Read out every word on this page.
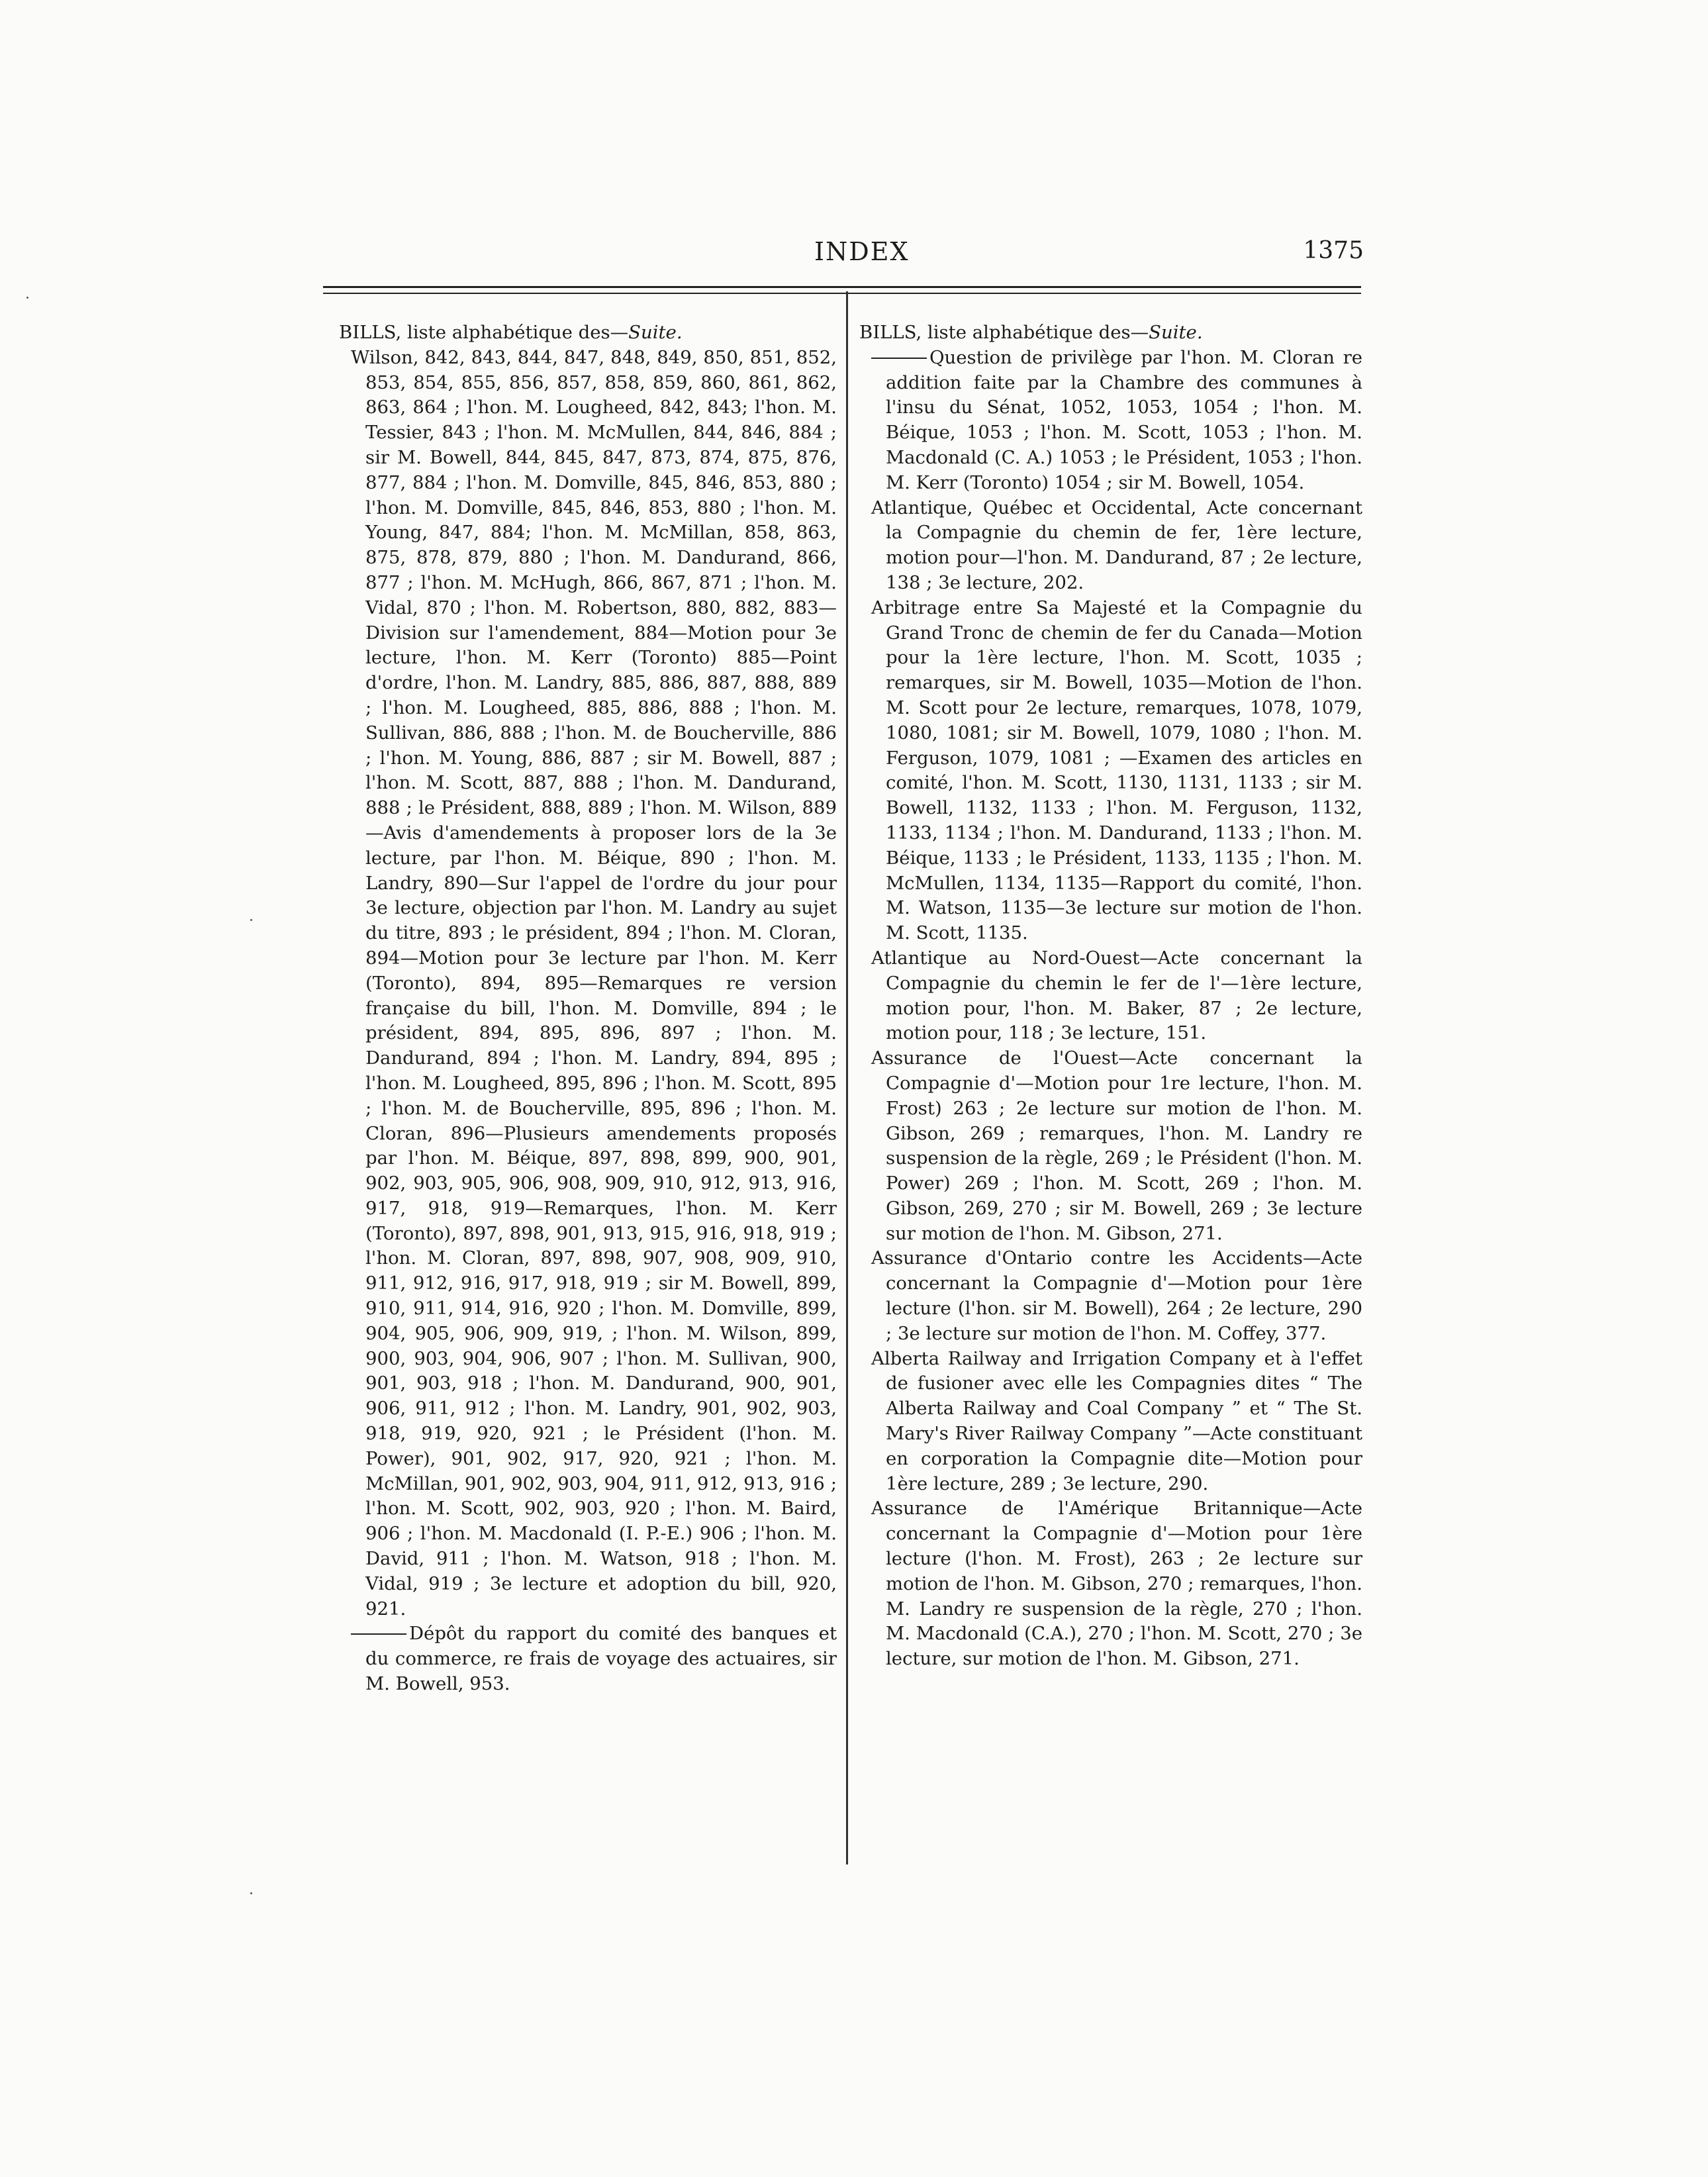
INDEX	1375

BILLS, liste alphabétique des—Suite.

Wilson, 842, 843, 844, 847, 848, 849, 850, 851, 852, 853, 854, 855, 856, 857, 858, 859, 860, 861, 862, 863, 864 ; l'hon. M. Lougheed, 842, 843; l'hon. M. Tessier, 843 ; l'hon. M. McMullen, 844, 846, 884 ; sir M. Bowell, 844, 845, 847, 873, 874, 875, 876, 877, 884 ; l'hon. M. Domville, 845, 846, 853, 880 ; l'hon. M. Domville, 845, 846, 853, 880 ; l'hon. M. Young, 847, 884; l'hon. M. McMillan, 858, 863, 875, 878, 879, 880 ; l'hon. M. Dandurand, 866, 877 ; l'hon. M. McHugh, 866, 867, 871 ; l'hon. M. Vidal, 870 ; l'hon. M. Robertson, 880, 882, 883—Division sur l'amendement, 884—Motion pour 3e lecture, l'hon. M. Kerr (Toronto) 885—Point d'ordre, l'hon. M. Landry, 885, 886, 887, 888, 889 ; l'hon. M. Lougheed, 885, 886, 888 ; l'hon. M. Sullivan, 886, 888 ; l'hon. M. de Boucherville, 886 ; l'hon. M. Young, 886, 887 ; sir M. Bowell, 887 ; l'hon. M. Scott, 887, 888 ; l'hon. M. Dandurand, 888 ; le Président, 888, 889 ; l'hon. M. Wilson, 889—Avis d'amendements à proposer lors de la 3e lecture, par l'hon. M. Béique, 890 ; l'hon. M. Landry, 890—Sur l'appel de l'ordre du jour pour 3e lecture, objection par l'hon. M. Landry au sujet du titre, 893 ; le président, 894 ; l'hon. M. Cloran, 894—Motion pour 3e lecture par l'hon. M. Kerr (Toronto), 894, 895—Remarques re version française du bill, l'hon. M. Domville, 894 ; le président, 894, 895, 896, 897 ; l'hon. M. Dandurand, 894 ; l'hon. M. Landry, 894, 895 ; l'hon. M. Lougheed, 895, 896 ; l'hon. M. Scott, 895 ; l'hon. M. de Boucherville, 895, 896 ; l'hon. M. Cloran, 896—Plusieurs amendements proposés par l'hon. M. Béique, 897, 898, 899, 900, 901, 902, 903, 905, 906, 908, 909, 910, 912, 913, 916, 917, 918, 919—Remarques, l'hon. M. Kerr (Toronto), 897, 898, 901, 913, 915, 916, 918, 919 ; l'hon. M. Cloran, 897, 898, 907, 908, 909, 910, 911, 912, 916, 917, 918, 919 ; sir M. Bowell, 899, 910, 911, 914, 916, 920 ; l'hon. M. Domville, 899, 904, 905, 906, 909, 919, ; l'hon. M. Wilson, 899, 900, 903, 904, 906, 907 ; l'hon. M. Sullivan, 900, 901, 903, 918 ; l'hon. M. Dandurand, 900, 901, 906, 911, 912 ; l'hon. M. Landry, 901, 902, 903, 918, 919, 920, 921 ; le Président (l'hon. M. Power), 901, 902, 917, 920, 921 ; l'hon. M. McMillan, 901, 902, 903, 904, 911, 912, 913, 916 ; l'hon. M. Scott, 902, 903, 920 ; l'hon. M. Baird, 906 ; l'hon. M. Macdonald (I. P.-E.) 906 ; l'hon. M. David, 911 ; l'hon. M. Watson, 918 ; l'hon. M. Vidal, 919 ; 3e lecture et adoption du bill, 920, 921.

Dépôt du rapport du comité des banques et du commerce, re frais de voyage des actuaires, sir M. Bowell, 953.

BILLS, liste alphabétique des—Suite.

Question de privilège par l'hon. M. Cloran re addition faite par la Chambre des communes à l'insu du Sénat, 1052, 1053, 1054 ; l'hon. M. Béique, 1053 ; l'hon. M. Scott, 1053 ; l'hon. M. Macdonald (C. A.) 1053 ; le Président, 1053 ; l'hon. M. Kerr (Toronto) 1054 ; sir M. Bowell, 1054.

Atlantique, Québec et Occidental, Acte concernant la Compagnie du chemin de fer, 1ère lecture, motion pour—l'hon. M. Dandurand, 87 ; 2e lecture, 138 ; 3e lecture, 202.

Arbitrage entre Sa Majesté et la Compagnie du Grand Tronc de chemin de fer du Canada—Motion pour la 1ère lecture, l'hon. M. Scott, 1035 ; remarques, sir M. Bowell, 1035—Motion de l'hon. M. Scott pour 2e lecture, remarques, 1078, 1079, 1080, 1081; sir M. Bowell, 1079, 1080 ; l'hon. M. Ferguson, 1079, 1081 ; —Examen des articles en comité, l'hon. M. Scott, 1130, 1131, 1133 ; sir M. Bowell, 1132, 1133 ; l'hon. M. Ferguson, 1132, 1133, 1134 ; l'hon. M. Dandurand, 1133 ; l'hon. M. Béique, 1133 ; le Président, 1133, 1135 ; l'hon. M. McMullen, 1134, 1135—Rapport du comité, l'hon. M. Watson, 1135—3e lecture sur motion de l'hon. M. Scott, 1135.

Atlantique au Nord-Ouest—Acte concernant la Compagnie du chemin le fer de l'—1ère lecture, motion pour, l'hon. M. Baker, 87 ; 2e lecture, motion pour, 118 ; 3e lecture, 151.

Assurance de l'Ouest—Acte concernant la Compagnie d'—Motion pour 1re lecture, l'hon. M. Frost) 263 ; 2e lecture sur motion de l'hon. M. Gibson, 269 ; remarques, l'hon. M. Landry re suspension de la règle, 269 ; le Président (l'hon. M. Power) 269 ; l'hon. M. Scott, 269 ; l'hon. M. Gibson, 269, 270 ; sir M. Bowell, 269 ; 3e lecture sur motion de l'hon. M. Gibson, 271.

Assurance d'Ontario contre les Accidents—Acte concernant la Compagnie d'—Motion pour 1ère lecture (l'hon. sir M. Bowell), 264 ; 2e lecture, 290 ; 3e lecture sur motion de l'hon. M. Coffey, 377.

Alberta Railway and Irrigation Company et à l'effet de fusioner avec elle les Compagnies dites “ The Alberta Railway and Coal Company ” et “ The St. Mary's River Railway Company ”—Acte constituant en corporation la Compagnie dite—Motion pour 1ère lecture, 289 ; 3e lecture, 290.

Assurance de l'Amérique Britannique—Acte concernant la Compagnie d'—Motion pour 1ère lecture (l'hon. M. Frost), 263 ; 2e lecture sur motion de l'hon. M. Gibson, 270 ; remarques, l'hon. M. Landry re suspension de la règle, 270 ; l'hon. M. Macdonald (C.A.), 270 ; l'hon. M. Scott, 270 ; 3e lecture, sur motion de l'hon. M. Gibson, 271.
